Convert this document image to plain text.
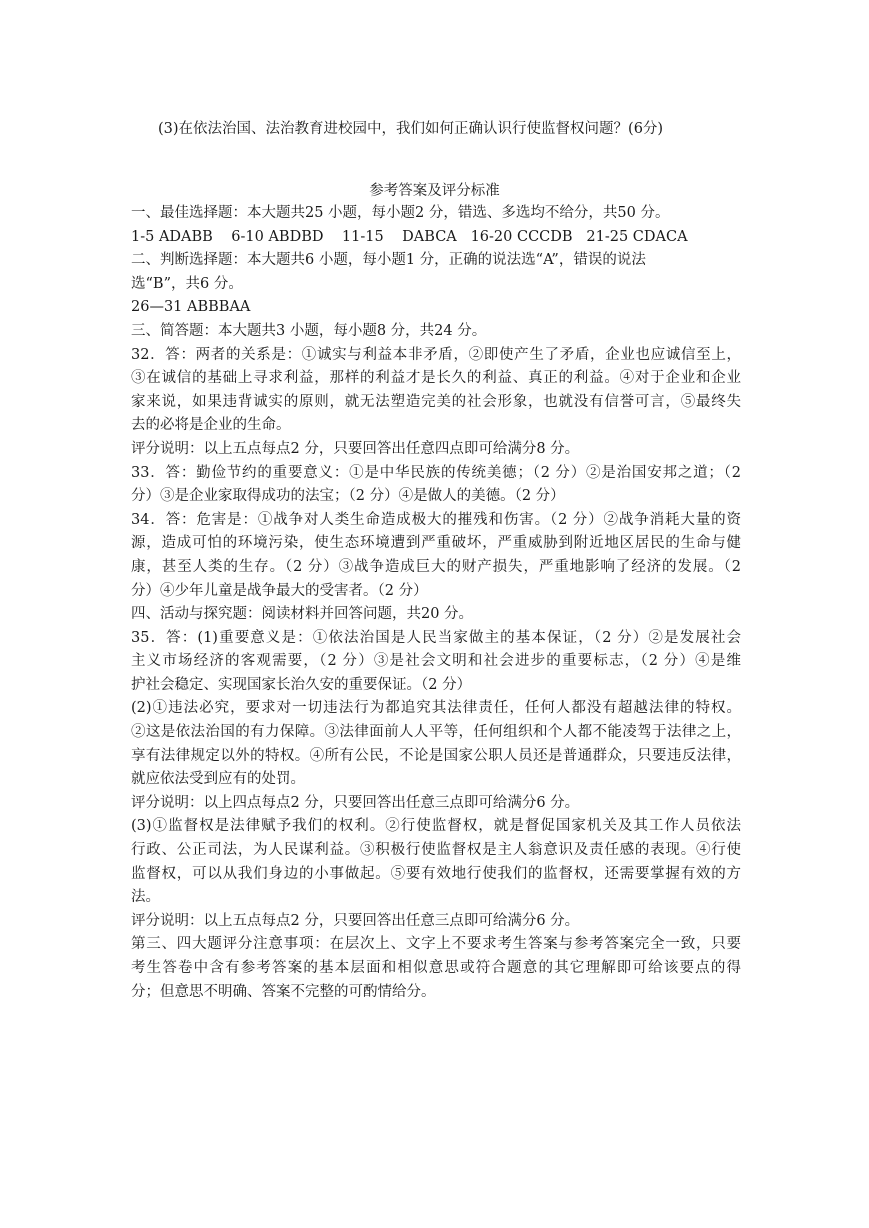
(3)在依法治国、法治教育进校园中，我们如何正确认识行使监督权问题？(6分)
参考答案及评分标准
一、最佳选择题：本大题共25 小题，每小题2 分，错选、多选均不给分，共50 分。
1-5 ADABB    6-10 ABDBD    11-15    DABCA   16-20 CCCDB   21-25 CDACA
二、判断选择题：本大题共6 小题，每小题1 分，正确的说法选“A”，错误的说法
选“B”，共6 分。
26—31 ABBBAA
三、简答题：本大题共3 小题，每小题8 分，共24 分。
32．答：两者的关系是：①诚实与利益本非矛盾，②即使产生了矛盾，企业也应诚信至上，
③在诚信的基础上寻求利益，那样的利益才是长久的利益、真正的利益。④对于企业和企业
家来说，如果违背诚实的原则，就无法塑造完美的社会形象，也就没有信誉可言，⑤最终失
去的必将是企业的生命。
评分说明：以上五点每点2 分，只要回答出任意四点即可给满分8 分。
33．答：勤俭节约的重要意义：①是中华民族的传统美德；（2 分）②是治国安邦之道；（2
分）③是企业家取得成功的法宝；（2 分）④是做人的美德。（2 分）
34．答：危害是：①战争对人类生命造成极大的摧残和伤害。（2 分）②战争消耗大量的资
源，造成可怕的环境污染，使生态环境遭到严重破坏，严重威胁到附近地区居民的生命与健
康，甚至人类的生存。（2 分）③战争造成巨大的财产损失，严重地影响了经济的发展。（2
分）④少年儿童是战争最大的受害者。（2 分）
四、活动与探究题：阅读材料并回答问题，共20 分。
35．答：(1)重要意义是：①依法治国是人民当家做主的基本保证，（2 分）②是发展社会
主义市场经济的客观需要，（2 分）③是社会文明和社会进步的重要标志，（2 分）④是维
护社会稳定、实现国家长治久安的重要保证。（2 分）
(2)①违法必究，要求对一切违法行为都追究其法律责任，任何人都没有超越法律的特权。
②这是依法治国的有力保障。③法律面前人人平等，任何组织和个人都不能凌驾于法律之上，
享有法律规定以外的特权。④所有公民，不论是国家公职人员还是普通群众，只要违反法律，
就应依法受到应有的处罚。
评分说明：以上四点每点2 分，只要回答出任意三点即可给满分6 分。
(3)①监督权是法律赋予我们的权利。②行使监督权，就是督促国家机关及其工作人员依法
行政、公正司法，为人民谋利益。③积极行使监督权是主人翁意识及责任感的表现。④行使
监督权，可以从我们身边的小事做起。⑤要有效地行使我们的监督权，还需要掌握有效的方
法。
评分说明：以上五点每点2 分，只要回答出任意三点即可给满分6 分。
第三、四大题评分注意事项：在层次上、文字上不要求考生答案与参考答案完全一致，只要
考生答卷中含有参考答案的基本层面和相似意思或符合题意的其它理解即可给该要点的得
分；但意思不明确、答案不完整的可酌情给分。
